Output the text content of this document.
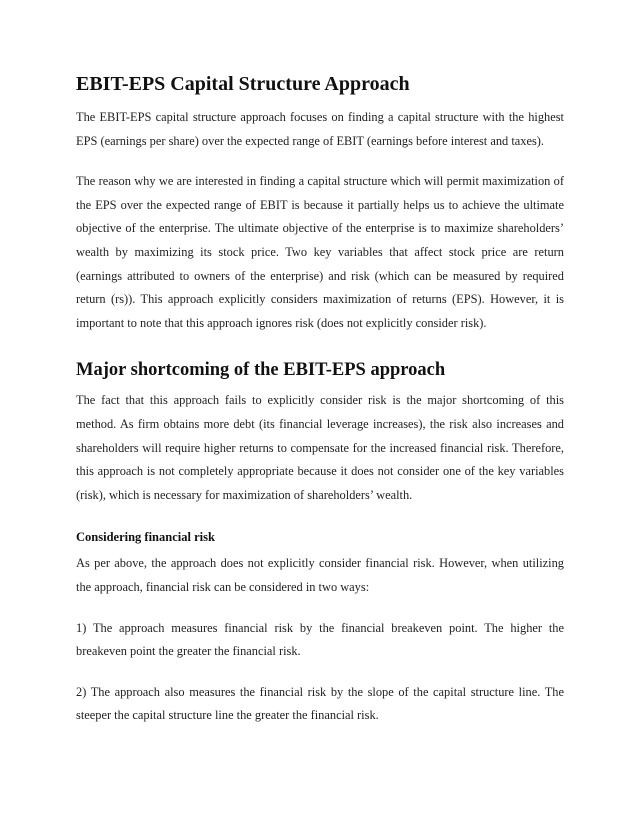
EBIT-EPS Capital Structure Approach

The EBIT-EPS capital structure approach focuses on finding a capital structure with the highest EPS (earnings per share) over the expected range of EBIT (earnings before interest and taxes).

The reason why we are interested in finding a capital structure which will permit maximization of the EPS over the expected range of EBIT is because it partially helps us to achieve the ultimate objective of the enterprise. The ultimate objective of the enterprise is to maximize shareholders’ wealth by maximizing its stock price. Two key variables that affect stock price are return (earnings attributed to owners of the enterprise) and risk (which can be measured by required return (rs)). This approach explicitly considers maximization of returns (EPS). However, it is important to note that this approach ignores risk (does not explicitly consider risk).

Major shortcoming of the EBIT-EPS approach

The fact that this approach fails to explicitly consider risk is the major shortcoming of this method. As firm obtains more debt (its financial leverage increases), the risk also increases and shareholders will require higher returns to compensate for the increased financial risk. Therefore, this approach is not completely appropriate because it does not consider one of the key variables (risk), which is necessary for maximization of shareholders’ wealth.

Considering financial risk

As per above, the approach does not explicitly consider financial risk. However, when utilizing the approach, financial risk can be considered in two ways:

1) The approach measures financial risk by the financial breakeven point. The higher the breakeven point the greater the financial risk.

2) The approach also measures the financial risk by the slope of the capital structure line. The steeper the capital structure line the greater the financial risk.
